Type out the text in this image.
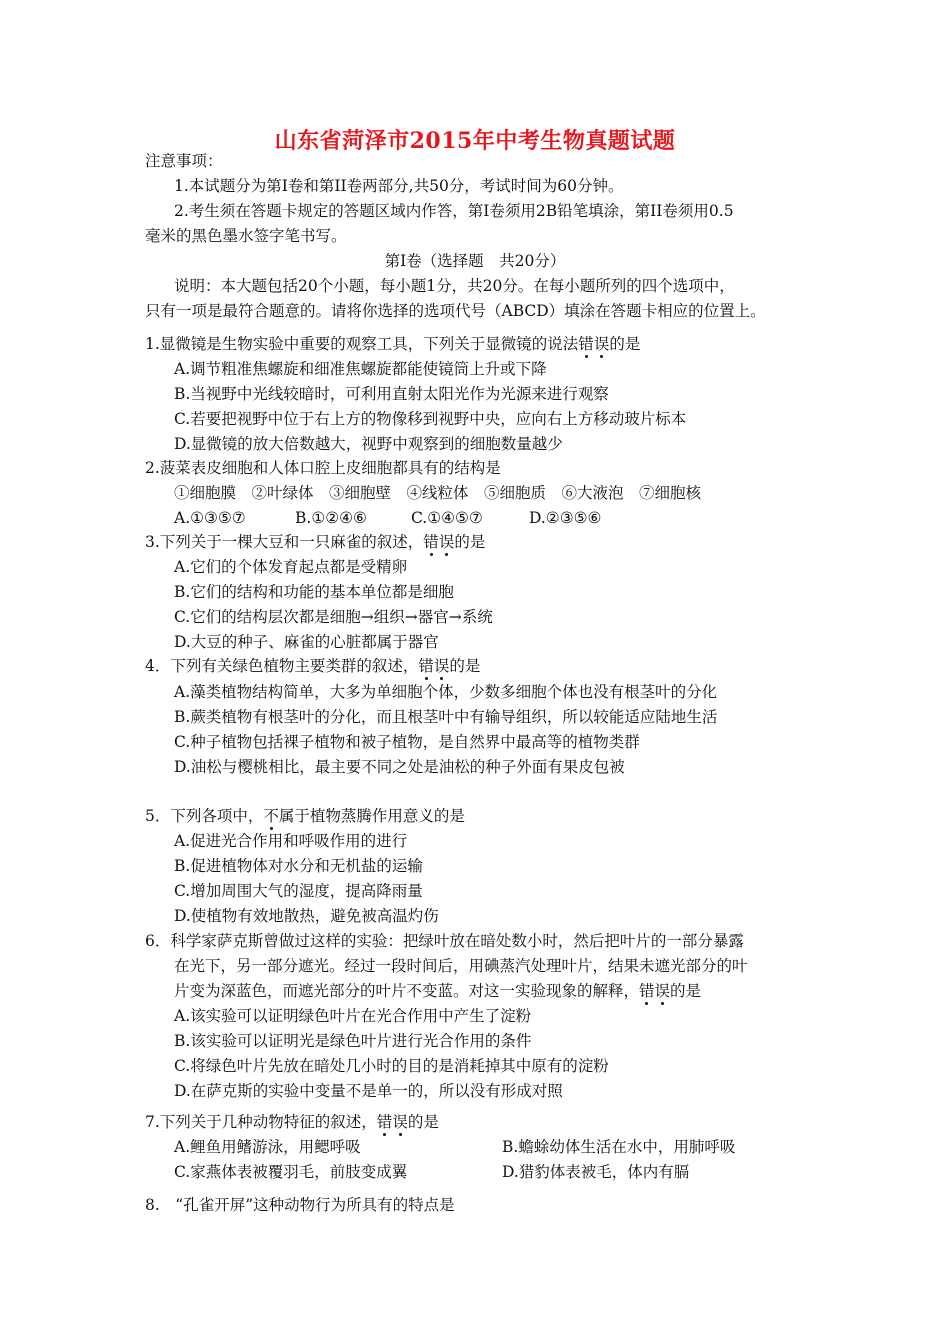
山东省菏泽市2015年中考生物真题试题
注意事项：
1.本试题分为第I卷和第II卷两部分,共50分，考试时间为60分钟。
2.考生须在答题卡规定的答题区域内作答，第I卷须用2B铅笔填涂，第II卷须用0.5
毫米的黑色墨水签字笔书写。
第Ⅰ卷（选择题　共20分）
说明：本大题包括20个小题，每小题1分，共20分。在每小题所列的四个选项中，
只有一项是最符合题意的。请将你选择的选项代号（ABCD）填涂在答题卡相应的位置上。
1.显微镜是生物实验中重要的观察工具，下列关于显微镜的说法错误的是
A.调节粗准焦螺旋和细准焦螺旋都能使镜筒上升或下降
B.当视野中光线较暗时，可利用直射太阳光作为光源来进行观察
C.若要把视野中位于右上方的物像移到视野中央，应向右上方移动玻片标本
D.显微镜的放大倍数越大，视野中观察到的细胞数量越少
2.菠菜表皮细胞和人体口腔上皮细胞都具有的结构是
①细胞膜　②叶绿体　③细胞壁　④线粒体　⑤细胞质　⑥大液泡　⑦细胞核
A.①③⑤⑦	B.①②④⑥	C.①④⑤⑦	D.②③⑤⑥
3.下列关于一棵大豆和一只麻雀的叙述，错误的是
A.它们的个体发育起点都是受精卵
B.它们的结构和功能的基本单位都是细胞
C.它们的结构层次都是细胞→组织→器官→系统
D.大豆的种子、麻雀的心脏都属于器官
4．下列有关绿色植物主要类群的叙述，错误的是
A.藻类植物结构简单，大多为单细胞个体，少数多细胞个体也没有根茎叶的分化
B.蕨类植物有根茎叶的分化，而且根茎叶中有输导组织，所以较能适应陆地生活
C.种子植物包括裸子植物和被子植物，是自然界中最高等的植物类群
D.油松与樱桃相比，最主要不同之处是油松的种子外面有果皮包被
5．下列各项中，不属于植物蒸腾作用意义的是
A.促进光合作用和呼吸作用的进行
B.促进植物体对水分和无机盐的运输
C.增加周围大气的湿度，提高降雨量
D.使植物有效地散热，避免被高温灼伤
6．科学家萨克斯曾做过这样的实验：把绿叶放在暗处数小时，然后把叶片的一部分暴露
在光下，另一部分遮光。经过一段时间后，用碘蒸汽处理叶片，结果未遮光部分的叶
片变为深蓝色，而遮光部分的叶片不变蓝。对这一实验现象的解释，错误的是
A.该实验可以证明绿色叶片在光合作用中产生了淀粉
B.该实验可以证明光是绿色叶片进行光合作用的条件
C.将绿色叶片先放在暗处几小时的目的是消耗掉其中原有的淀粉
D.在萨克斯的实验中变量不是单一的，所以没有形成对照
7.下列关于几种动物特征的叙述，错误的是
A.鲤鱼用鳍游泳，用鳃呼吸	B.蟾蜍幼体生活在水中，用肺呼吸
C.家燕体表被覆羽毛，前肢变成翼	D.猎豹体表被毛，体内有膈
8.　“孔雀开屏”这种动物行为所具有的特点是
